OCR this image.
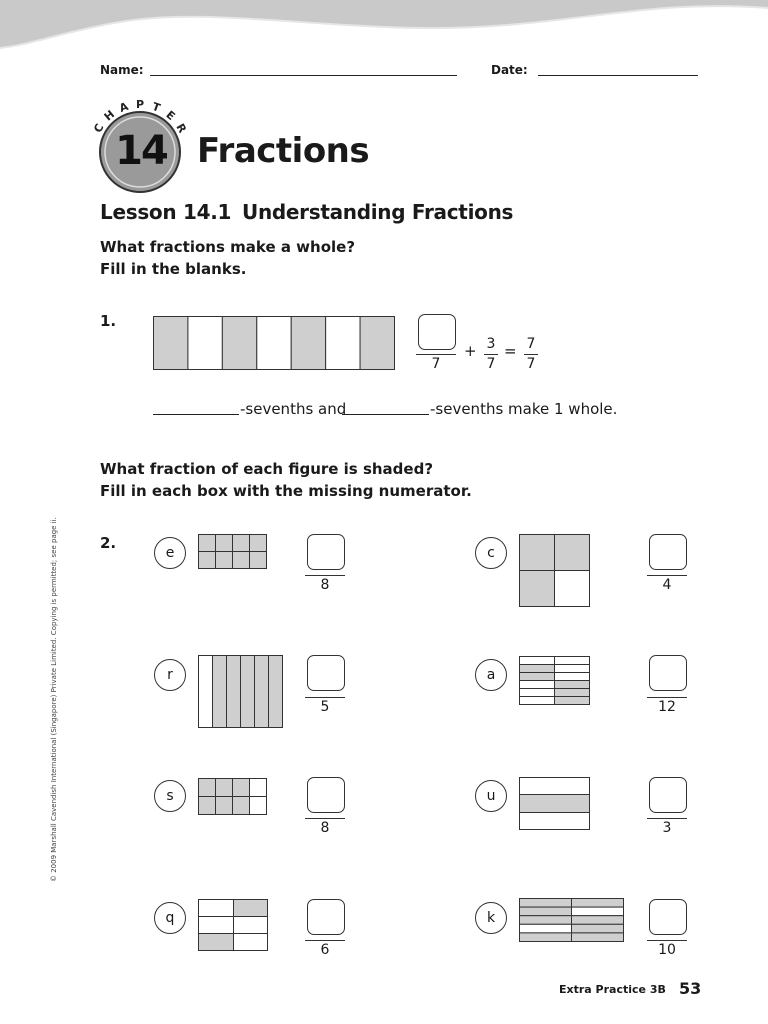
Name:	Date:
C
H
A P T
E
R
14 Fractions
Lesson 14.1 Understanding Fractions
What fractions make a whole?
Fill in the blanks.
1.
7
+ 3
7
= 7
7
-sevenths and	-sevenths make 1 whole.
What fraction of each figure is shaded?
Fill in each box with the missing numerator.
2.
e
8
c
4
r
5
a
12
s
8
u
3
q
6
k
10
© 2009 Marshall Cavendish International (Singapore) Private Limited. Copying is permitted; see page ii.
Extra Practice 3B 53
